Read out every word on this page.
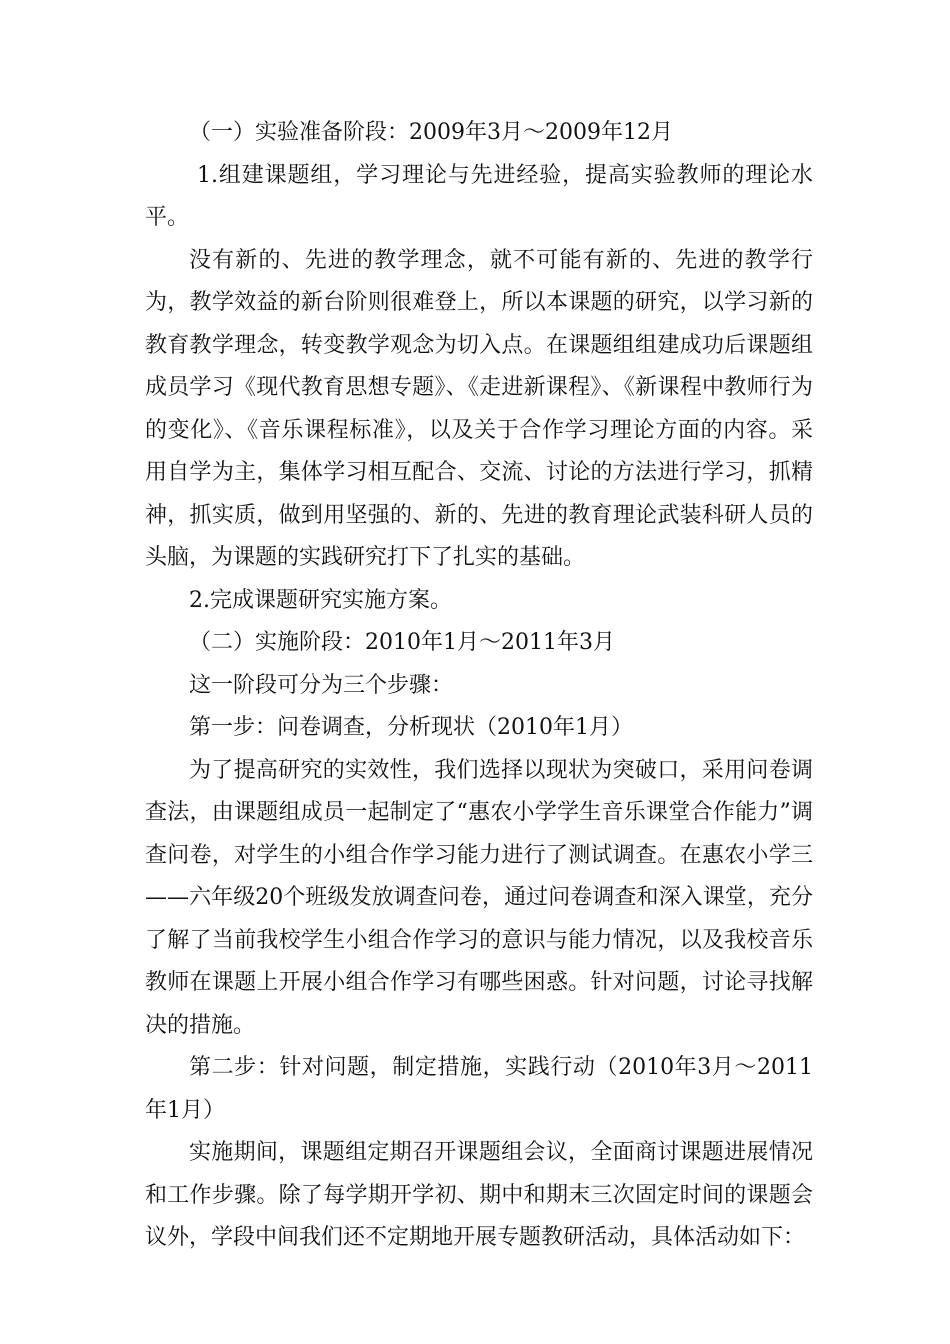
（一）实验准备阶段：2009年3月～2009年12月

1.组建课题组，学习理论与先进经验，提高实验教师的理论水平。

没有新的、先进的教学理念，就不可能有新的、先进的教学行为，教学效益的新台阶则很难登上，所以本课题的研究，以学习新的教育教学理念，转变教学观念为切入点。在课题组组建成功后课题组成员学习《现代教育思想专题》、《走进新课程》、《新课程中教师行为的变化》、《音乐课程标准》，以及关于合作学习理论方面的内容。采用自学为主，集体学习相互配合、交流、讨论的方法进行学习，抓精神，抓实质，做到用坚强的、新的、先进的教育理论武装科研人员的头脑，为课题的实践研究打下了扎实的基础。

2.完成课题研究实施方案。

（二）实施阶段：2010年1月～2011年3月

这一阶段可分为三个步骤：

第一步：问卷调查，分析现状（2010年1月）

为了提高研究的实效性，我们选择以现状为突破口，采用问卷调查法，由课题组成员一起制定了“惠农小学学生音乐课堂合作能力”调查问卷，对学生的小组合作学习能力进行了测试调查。在惠农小学三——六年级20个班级发放调查问卷，通过问卷调查和深入课堂，充分了解了当前我校学生小组合作学习的意识与能力情况，以及我校音乐教师在课题上开展小组合作学习有哪些困惑。针对问题，讨论寻找解决的措施。

第二步：针对问题，制定措施，实践行动（2010年3月～2011年1月）

实施期间，课题组定期召开课题组会议，全面商讨课题进展情况和工作步骤。除了每学期开学初、期中和期末三次固定时间的课题会议外，学段中间我们还不定期地开展专题教研活动，具体活动如下：
